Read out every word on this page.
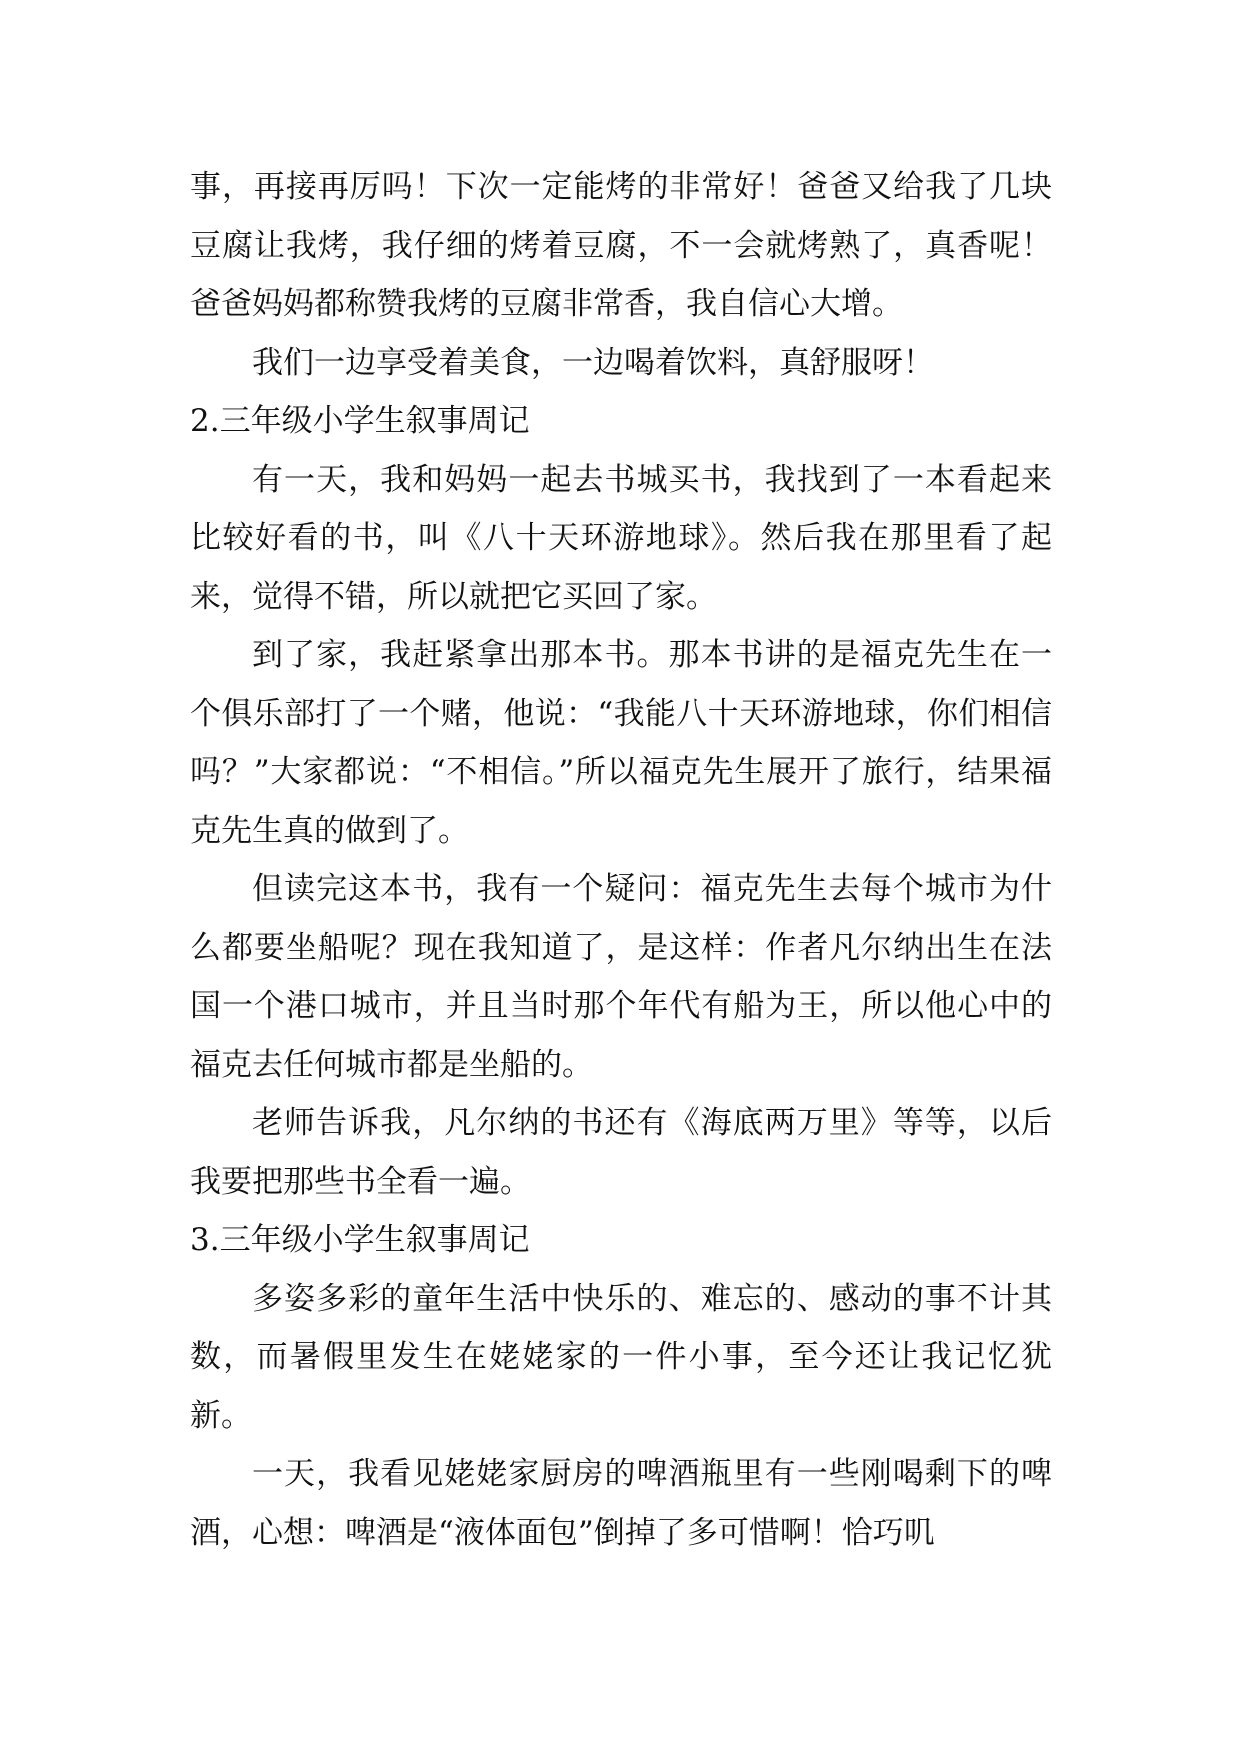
事，再接再厉吗！下次一定能烤的非常好！爸爸又给我了几块豆腐让我烤，我仔细的烤着豆腐，不一会就烤熟了，真香呢！爸爸妈妈都称赞我烤的豆腐非常香，我自信心大增。

我们一边享受着美食，一边喝着饮料，真舒服呀！

2.三年级小学生叙事周记

有一天，我和妈妈一起去书城买书，我找到了一本看起来比较好看的书，叫《八十天环游地球》。然后我在那里看了起来，觉得不错，所以就把它买回了家。

到了家，我赶紧拿出那本书。那本书讲的是福克先生在一个俱乐部打了一个赌，他说：“我能八十天环游地球，你们相信吗？”大家都说：“不相信。”所以福克先生展开了旅行，结果福克先生真的做到了。

但读完这本书，我有一个疑问：福克先生去每个城市为什么都要坐船呢？现在我知道了，是这样：作者凡尔纳出生在法国一个港口城市，并且当时那个年代有船为王，所以他心中的福克去任何城市都是坐船的。

老师告诉我，凡尔纳的书还有《海底两万里》等等，以后我要把那些书全看一遍。

3.三年级小学生叙事周记

多姿多彩的童年生活中快乐的、难忘的、感动的事不计其数，而暑假里发生在姥姥家的一件小事，至今还让我记忆犹新。

一天，我看见姥姥家厨房的啤酒瓶里有一些刚喝剩下的啤酒，心想：啤酒是“液体面包”倒掉了多可惜啊！恰巧叽
